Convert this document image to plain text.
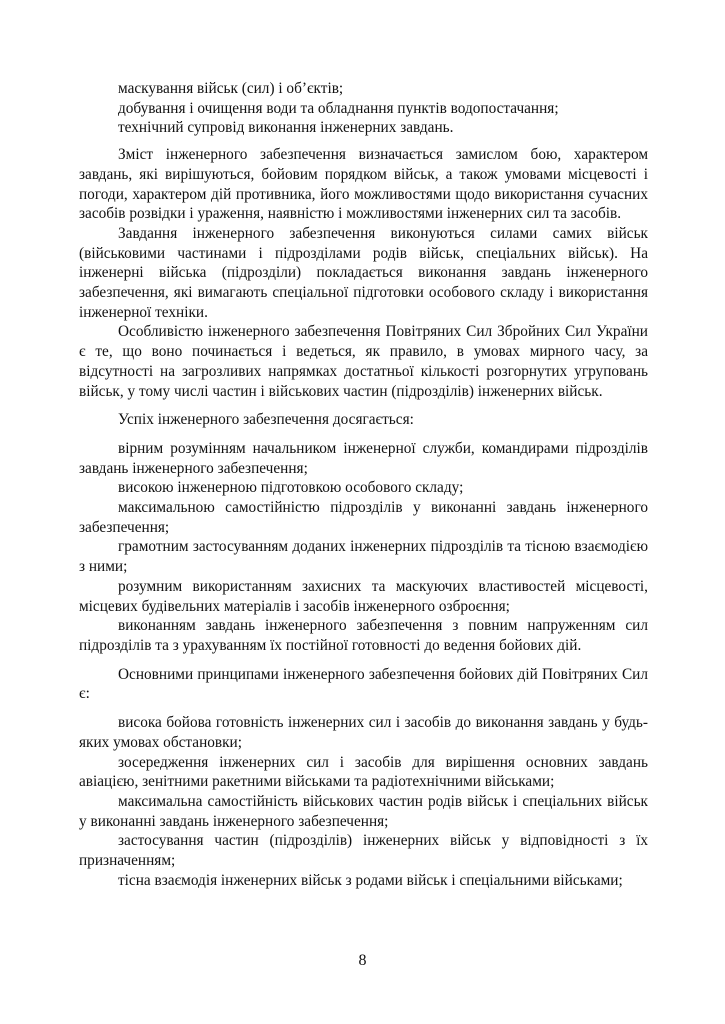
маскування військ (сил) і об’єктів;

добування і очищення води та обладнання пунктів водопостачання;

технічний супровід виконання інженерних завдань.

Зміст інженерного забезпечення визначається замислом бою, характером завдань, які вирішуються, бойовим порядком військ, а також умовами місцевості і погоди, характером дій противника, його можливостями щодо використання сучасних засобів розвідки і ураження, наявністю і можливостями інженерних сил та засобів.

Завдання інженерного забезпечення виконуються силами самих військ (військовими частинами і підрозділами родів військ, спеціальних військ). На інженерні війська (підрозділи) покладається виконання завдань інженерного забезпечення, які вимагають спеціальної підготовки особового складу і використання інженерної техніки.

Особливістю інженерного забезпечення Повітряних Сил Збройних Сил України є те, що воно починається і ведеться, як правило, в умовах мирного часу, за відсутності на загрозливих напрямках достатньої кількості розгорнутих угруповань військ, у тому числі частин і військових частин (підрозділів) інженерних військ.

Успіх інженерного забезпечення досягається:

вірним розумінням начальником інженерної служби, командирами підрозділів завдань інженерного забезпечення;

високою інженерною підготовкою особового складу;

максимальною самостійністю підрозділів у виконанні завдань інженерного забезпечення;

грамотним застосуванням доданих інженерних підрозділів та тісною взаємодією з ними;

розумним використанням захисних та маскуючих властивостей місцевості, місцевих будівельних матеріалів і засобів інженерного озброєння;

виконанням завдань інженерного забезпечення з повним напруженням сил підрозділів та з урахуванням їх постійної готовності до ведення бойових дій.

Основними принципами інженерного забезпечення бойових дій Повітряних Сил є:

висока бойова готовність інженерних сил і засобів до виконання завдань у будь-яких умовах обстановки;

зосередження інженерних сил і засобів для вирішення основних завдань авіацією, зенітними ракетними військами та радіотехнічними військами;

максимальна самостійність військових частин родів військ і спеціальних військ у виконанні завдань інженерного забезпечення;

застосування частин (підрозділів) інженерних військ у відповідності з їх призначенням;

тісна взаємодія інженерних військ з родами військ і спеціальними військами;

8
